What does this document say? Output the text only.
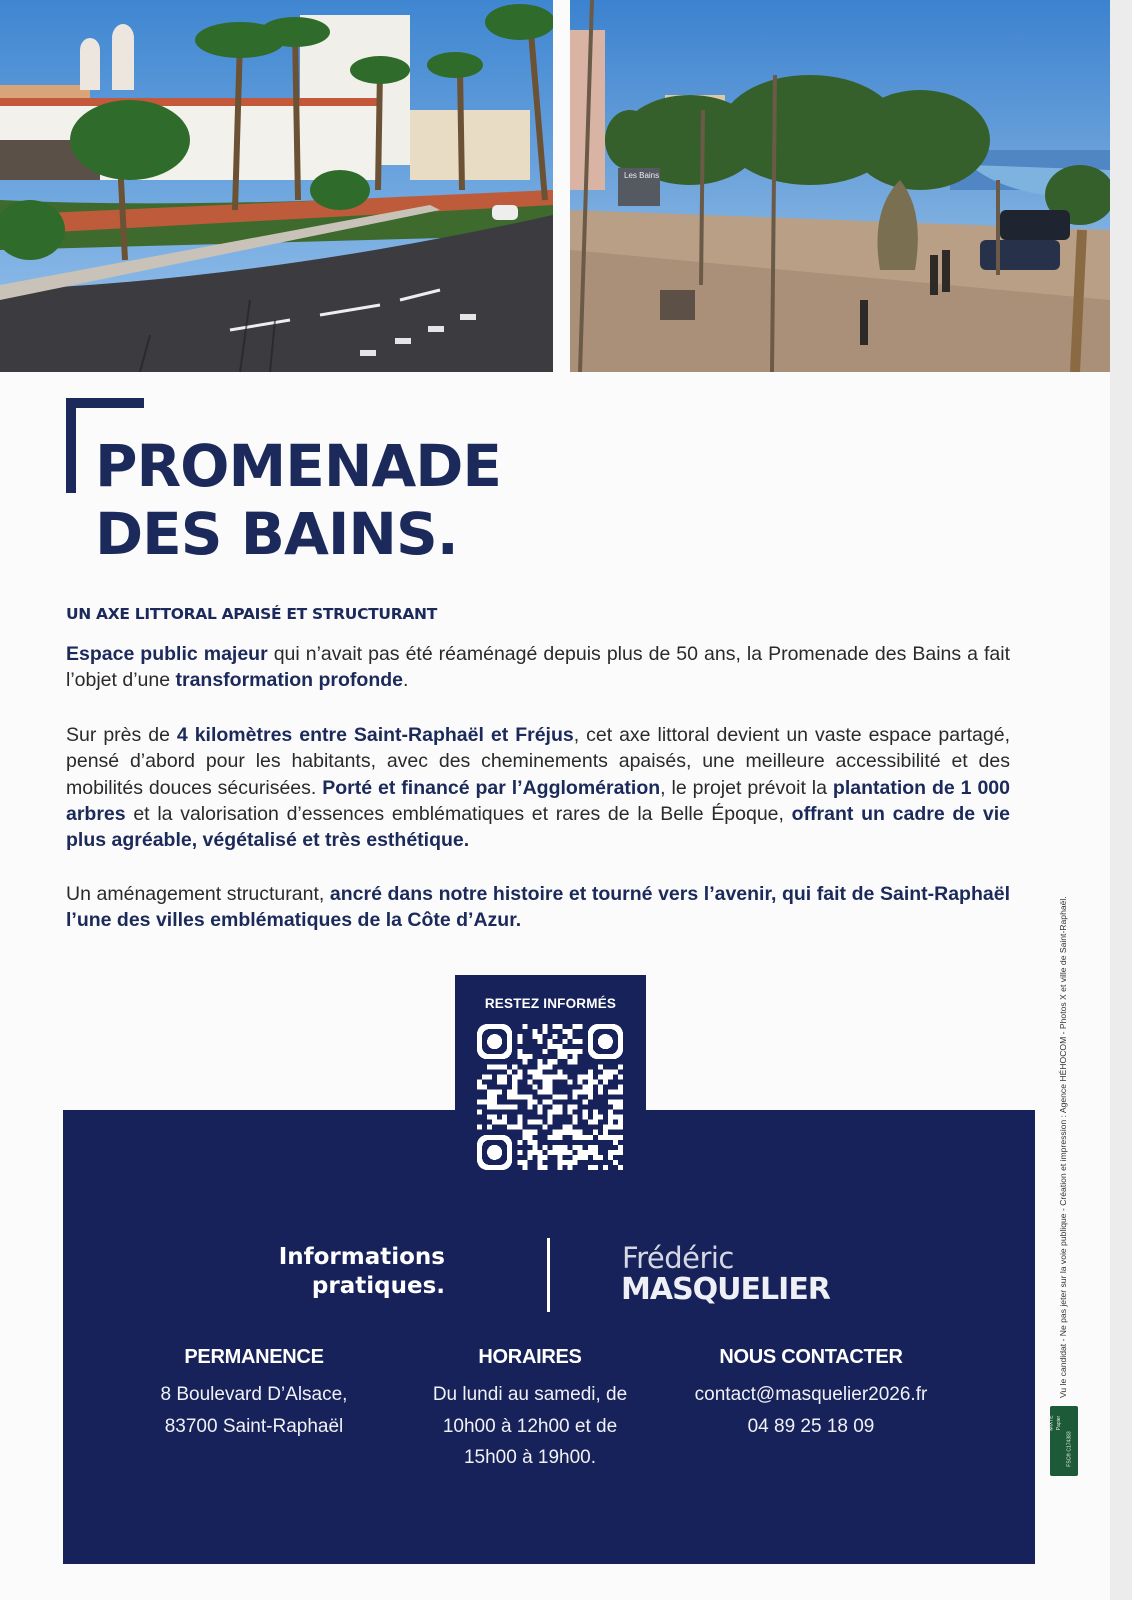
Les Bains
PROMENADE
DES BAINS.
UN AXE LITTORAL APAISÉ ET STRUCTURANT

Espace public majeur qui n’avait pas été réaménagé depuis plus de 50 ans, la Promenade des Bains a fait l’objet d’une transformation profonde.

Sur près de 4 kilomètres entre Saint-Raphaël et Fréjus, cet axe littoral devient un vaste espace partagé, pensé d’abord pour les habitants, avec des cheminements apaisés, une meilleure accessibilité et des mobilités douces sécurisées. Porté et financé par l’Agglomération, le projet prévoit la plantation de 1 000 arbres et la valorisation d’essences emblématiques et rares de la Belle Époque, offrant un cadre de vie plus agréable, végétalisé et très esthétique.

Un aménagement structurant, ancré dans notre histoire et tourné vers l’avenir, qui fait de Saint-Raphaël l’une des villes emblématiques de la Côte d’Azur.

RESTEZ INFORMÉS
Informations
pratiques.
Frédéric
MASQUELIER
PERMANENCE

8 Boulevard D’Alsace,

83700 Saint-Raphaël

HORAIRES

Du lundi au samedi, de

10h00 à 12h00 et de

15h00 à 19h00.

NOUS CONTACTER

contact@masquelier2026.fr

04 89 25 18 09

Vu le candidat - Ne pas jeter sur la voie publique - Création et impression : Agence HÉHOCOM - Photos X et ville de Saint-Raphaël.
MIXTE Papier
FSC® C174383
